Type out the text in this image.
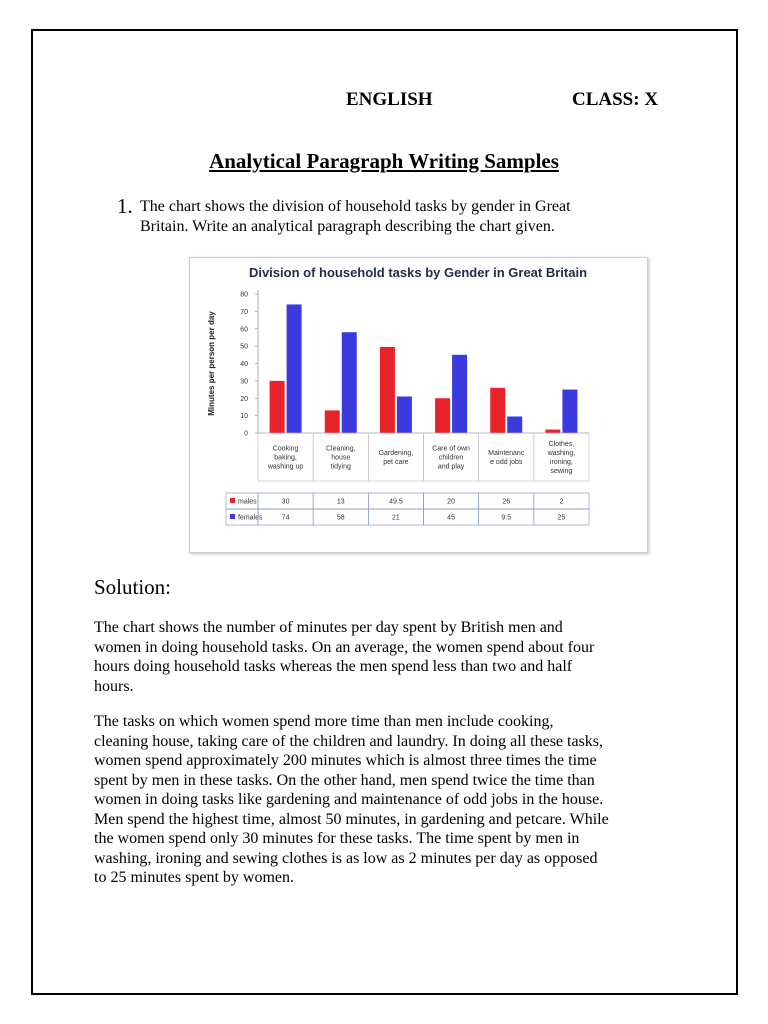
ENGLISH	CLASS: X
Analytical Paragraph Writing Samples
1. The chart shows the division of household tasks by gender in Great
Britain. Write an analytical paragraph describing the chart given.
Division of household tasks by Gender in Great Britain
Minutes per person per day
0
10
20
30
40
50
60
70
80
Cooking
baking,
washing up
Cleaning,
house
tidying
Gardening,
pet care
Care of own
children
and play
Maintenanc
e odd jobs
Clothes,
washing,
ironing,
sewing
males	30	13	49.5	20	26	2
females	74	58	21	45	9.5	25
Solution:
The chart shows the number of minutes per day spent by British men and
women in doing household tasks. On an average, the women spend about four
hours doing household tasks whereas the men spend less than two and half
hours.
The tasks on which women spend more time than men include cooking,
cleaning house, taking care of the children and laundry. In doing all these tasks,
women spend approximately 200 minutes which is almost three times the time
spent by men in these tasks. On the other hand, men spend twice the time than
women in doing tasks like gardening and maintenance of odd jobs in the house.
Men spend the highest time, almost 50 minutes, in gardening and petcare. While
the women spend only 30 minutes for these tasks. The time spent by men in
washing, ironing and sewing clothes is as low as 2 minutes per day as opposed
to 25 minutes spent by women.
